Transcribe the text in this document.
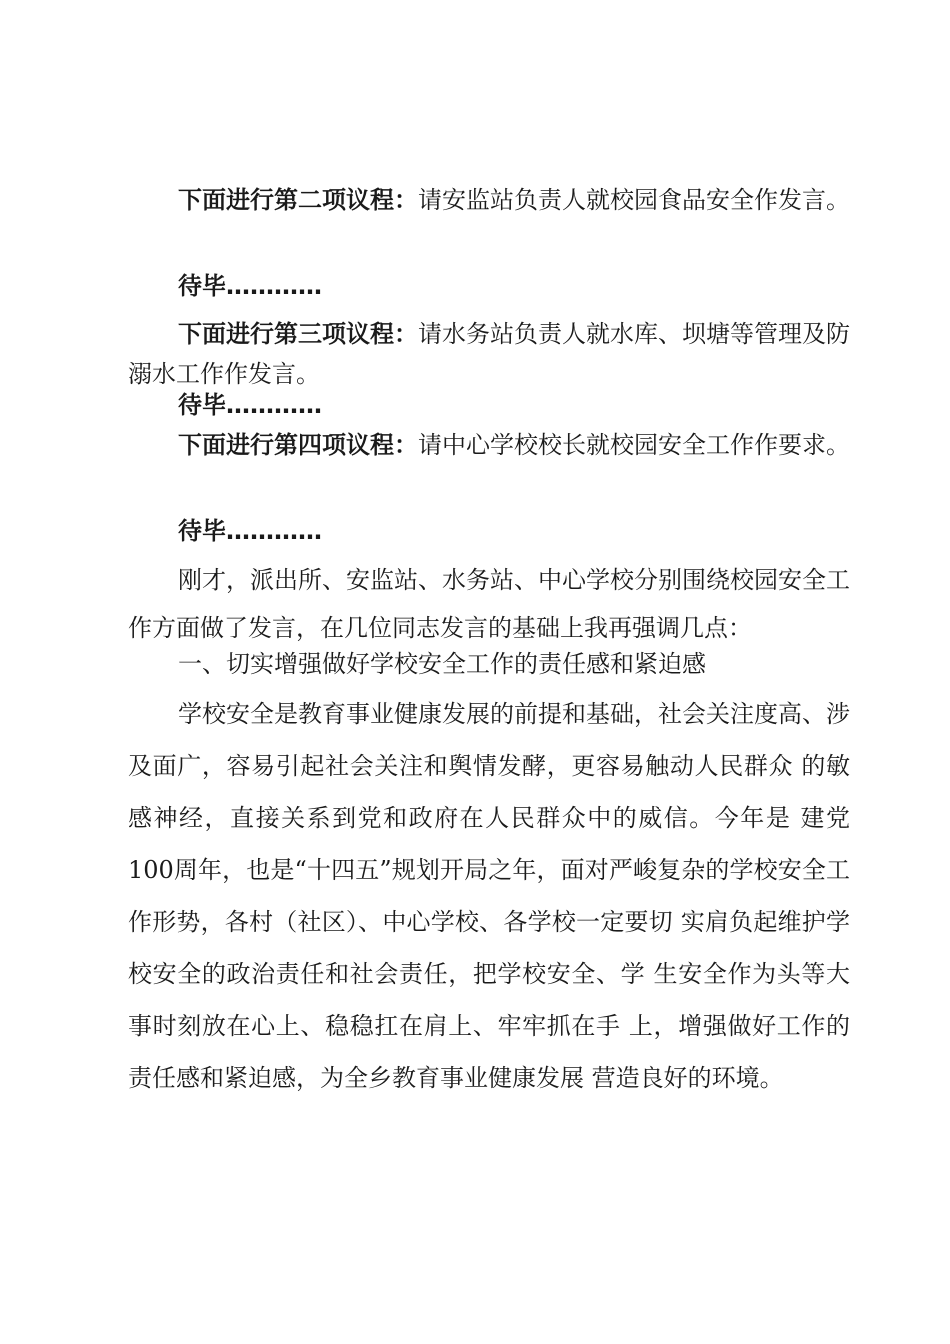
下面进行第二项议程：请安监站负责人就校园食品安全作发言。

待毕…………

下面进行第三项议程：请水务站负责人就水库、坝塘等管理及防溺水工作作发言。

待毕…………

下面进行第四项议程：请中心学校校长就校园安全工作作要求。

待毕…………

刚才，派出所、安监站、水务站、中心学校分别围绕校园安全工作方面做了发言，在几位同志发言的基础上我再强调几点：

一、切实增强做好学校安全工作的责任感和紧迫感

学校安全是教育事业健康发展的前提和基础，社会关注度高、涉及面广，容易引起社会关注和舆情发酵，更容易触动人民群众 的敏感神经，直接关系到党和政府在人民群众中的威信。今年是 建党100周年，也是“十四五”规划开局之年，面对严峻复杂的学校安全工作形势，各村（社区）、中心学校、各学校一定要切 实肩负起维护学校安全的政治责任和社会责任，把学校安全、学 生安全作为头等大事时刻放在心上、稳稳扛在肩上、牢牢抓在手 上，增强做好工作的责任感和紧迫感，为全乡教育事业健康发展 营造良好的环境。
